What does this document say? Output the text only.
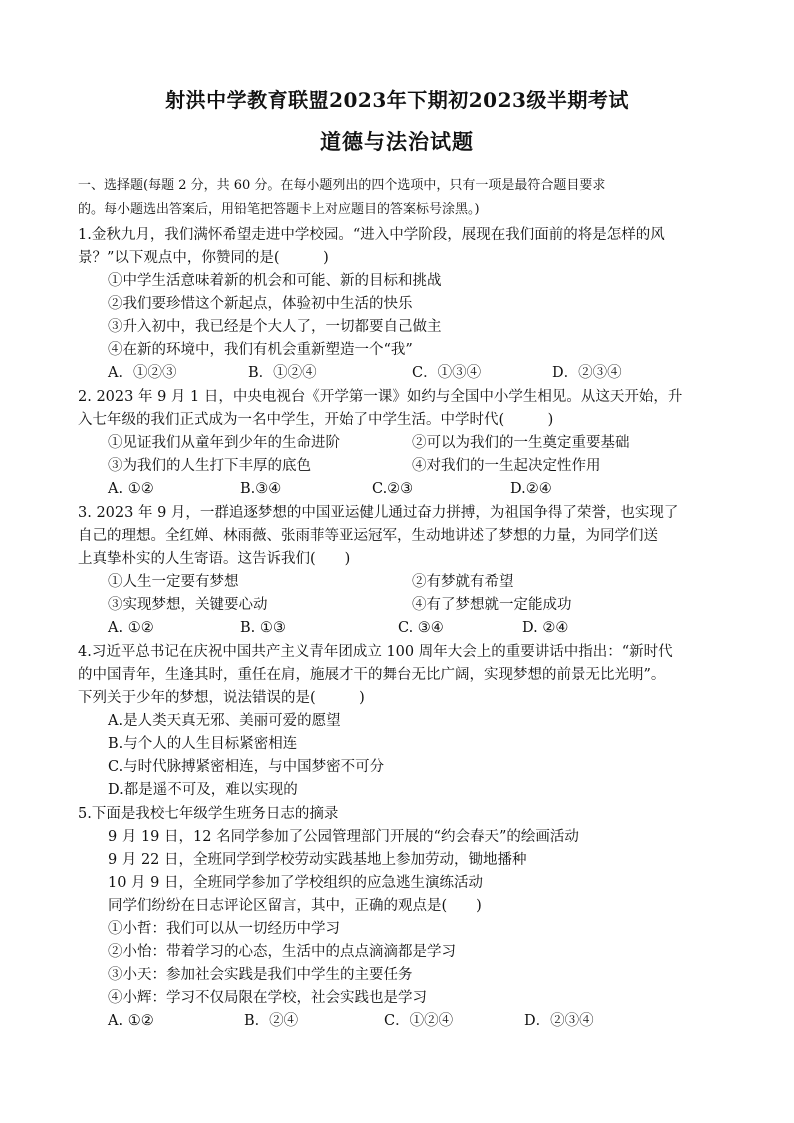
射洪中学教育联盟2023年下期初2023级半期考试
道德与法治试题
一、选择题(每题 2 分，共 60 分。在每小题列出的四个选项中，只有一项是最符合题目要求
的。每小题选出答案后，用铅笔把答题卡上对应题目的答案标号涂黑。)
1.金秋九月，我们满怀希望走进中学校园。“进入中学阶段，展现在我们面前的将是怎样的风
景？”以下观点中，你赞同的是(　　　)
①中学生活意味着新的机会和可能、新的目标和挑战
②我们要珍惜这个新起点，体验初中生活的快乐
③升入初中，我已经是个大人了，一切都要自己做主
④在新的环境中，我们有机会重新塑造一个“我”
A．①②③	B．①②④	C．①③④	D．②③④
2. 2023 年 9 月 1 日，中央电视台《开学第一课》如约与全国中小学生相见。从这天开始，升
入七年级的我们正式成为一名中学生，开始了中学生活。中学时代(　　　)
①见证我们从童年到少年的生命进阶	②可以为我们的一生奠定重要基础
③为我们的人生打下丰厚的底色	④对我们的一生起决定性作用
A. ①②	B.③④	C.②③	D.②④
3. 2023 年 9 月，一群追逐梦想的中国亚运健儿通过奋力拼搏，为祖国争得了荣誉，也实现了
自己的理想。全红婵、林雨薇、张雨菲等亚运冠军，生动地讲述了梦想的力量，为同学们送
上真挚朴实的人生寄语。这告诉我们(　　)
①人生一定要有梦想	②有梦就有希望
③实现梦想，关键要心动	④有了梦想就一定能成功
A. ①②	B. ①③	C. ③④	D. ②④
4.习近平总书记在庆祝中国共产主义青年团成立 100 周年大会上的重要讲话中指出：“新时代
的中国青年，生逢其时，重任在肩，施展才干的舞台无比广阔，实现梦想的前景无比光明”。
下列关于少年的梦想，说法错误的是(　　　)
A.是人类天真无邪、美丽可爱的愿望
B.与个人的人生目标紧密相连
C.与时代脉搏紧密相连，与中国梦密不可分
D.都是遥不可及，难以实现的
5.下面是我校七年级学生班务日志的摘录
9 月 19 日，12 名同学参加了公园管理部门开展的“约会春天”的绘画活动
9 月 22 日，全班同学到学校劳动实践基地上参加劳动，锄地播种
10 月 9 日，全班同学参加了学校组织的应急逃生演练活动
同学们纷纷在日志评论区留言，其中，正确的观点是(　　)
①小哲：我们可以从一切经历中学习
②小怡：带着学习的心态，生活中的点点滴滴都是学习
③小天：参加社会实践是我们中学生的主要任务
④小辉：学习不仅局限在学校，社会实践也是学习
A. ①②	B．②④	C．①②④	D．②③④
